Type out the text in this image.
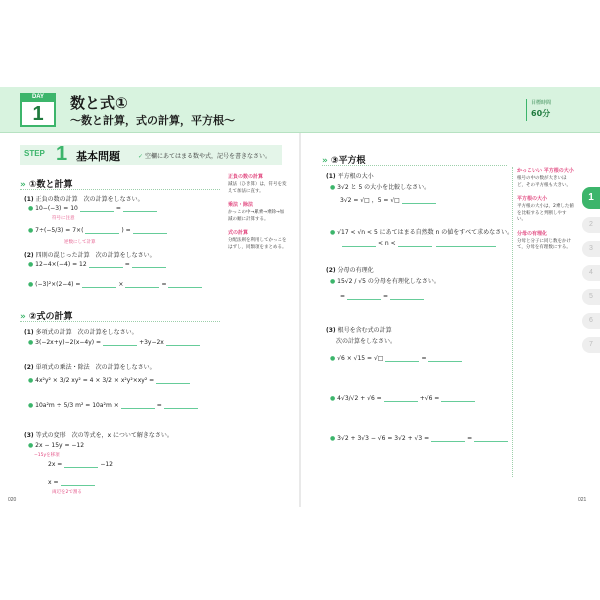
DAY
1	数と式①
〜数と計算，式の計算，平方根〜
目標時間
60分
STEP 1 基本問題	✓ 空欄にあてはまる数や式，記号を書きなさい。
» ①数と計算
(1) 正負の数の計算　次の計算をしなさい。
● 10−(−3) = 10	=
符号に注意
● 7÷(−5/3) = 7×(	) =
逆数にして計算
(2) 四則の混じった計算　次の計算をしなさい。
● 12−4×(−4) = 12	=
● (−3)²×(2−4) =	×	=
» ②式の計算
(1) 多項式の計算　次の計算をしなさい。
● 3(−2x+y)−2(x−4y) =	+3y−2x
(2) 単項式の乗法・除法　次の計算をしなさい。
● 4x²y² × 3/2 xy² = 4 × 3/2 × x²y²×xy² =
● 10a²m ÷ 5/3 m² = 10a²m ×	=
(3) 等式の変形　次の等式を，x について解きなさい。
● 2x − 15y = −12
−15yを移項
2x =	−12
x =
両辺を2で割る
正負の数の計算
減法（ひき算）は，符号を変えて加法に直す。
乗法・除法
かっこの中→累乗→乗除→加減の順に計算する。
式の計算
分配法則を利用してかっこをはずし，同類項をまとめる。
» ③平方根
(1) 平方根の大小
● 3√2 と 5 の大小を比較しなさい。
3√2 = √□ ，5 = √□
● √17 < √n < 5 にあてはまる自然数 n の値をすべて求めなさい。
< n <
(2) 分母の有理化
● 15√2 / √5 の分母を有理化しなさい。
=	=
(3) 根号を含む式の計算
次の計算をしなさい。
● √6 × √15 = √□	=
● 4√3/√2 + √6 =	+√6 =
● 3√2 + 3√3 − √6 = 3√2 + √3 =	=
かっこいい 平方根の大小
根号の中の数が大きいほど，その平方根も大きい。
平方根の大小
平方根の大小は，2乗した値を比較すると判断しやすい。
分母の有理化
分母と分子に同じ数をかけて，分母を有理数にする。
1
2
3
4
5
6
7
020	021
